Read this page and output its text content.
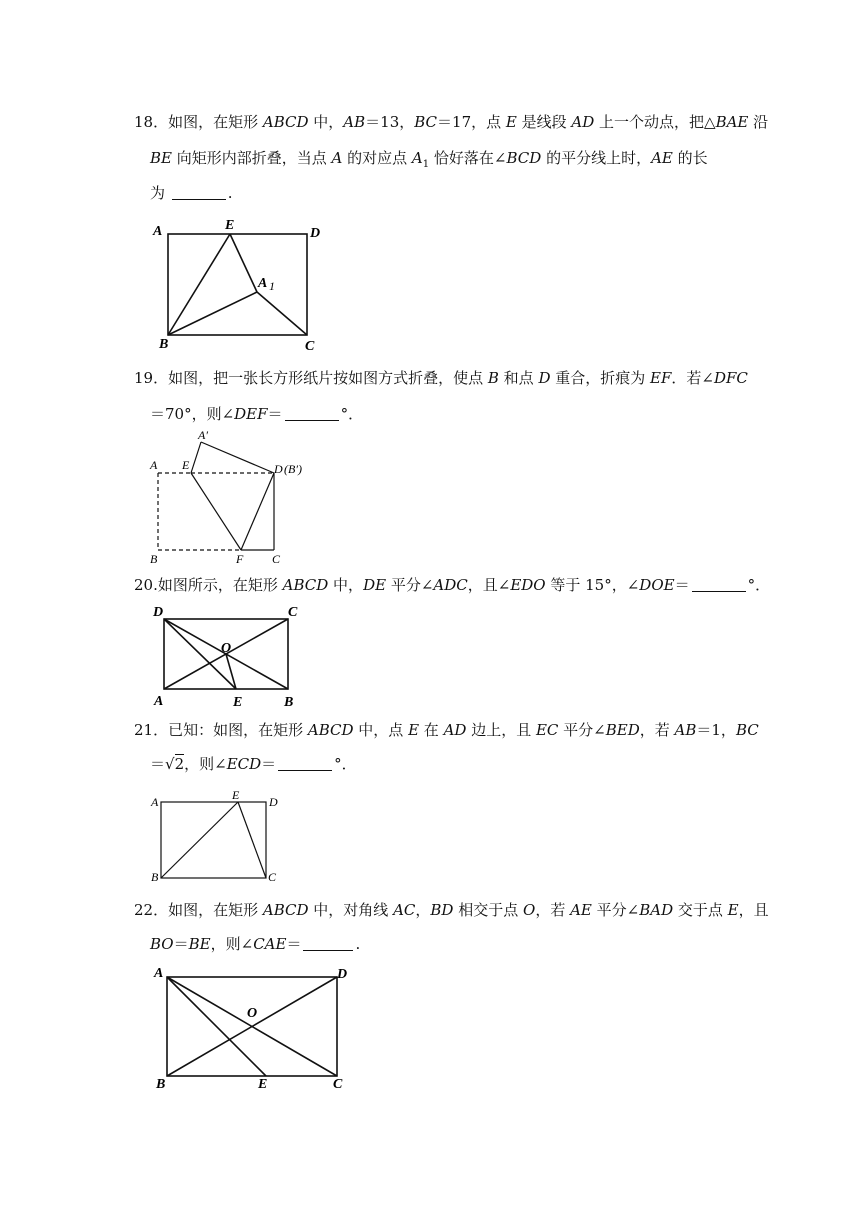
18．如图，在矩形 ABCD 中，AB＝13，BC＝17，点 E 是线段 AD 上一个动点，把△BAE 沿
BE 向矩形内部折叠，当点 A 的对应点 $A_1$ 恰好落在∠BCD 的平分线上时，AE 的长
为	.
A	E
D
A 1
B	C
19．如图，把一张长方形纸片按如图方式折叠，使点 B 和点 D 重合，折痕为 EF．若∠DFC
＝70°，则∠DEF＝	°．
A′
A E	D (B′)
B	F C
20.如图所示，在矩形 ABCD 中，DE 平分∠ADC，且∠EDO 等于 15°，∠DOE＝	°．
D	C
O
A	E	B
21．已知：如图，在矩形 ABCD 中，点 E 在 AD 边上，且 EC 平分∠BED，若 AB＝1，BC
＝√2，则∠ECD＝	°．
A	E D
B	C
22．如图，在矩形 ABCD 中，对角线 AC，BD 相交于点 O，若 AE 平分∠BAD 交于点 E，且
BO＝BE，则∠CAE＝	.
A	D
O
B	E	C
